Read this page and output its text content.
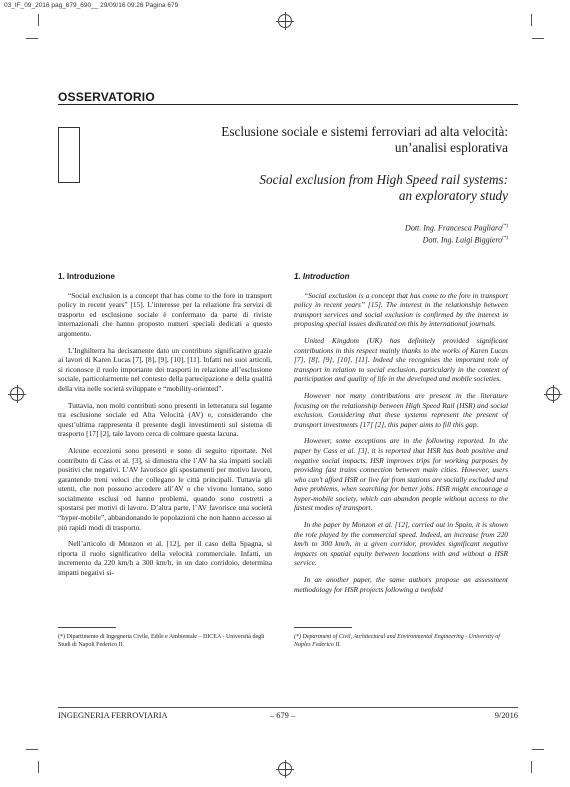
03_IF_09_2016 pag_679_690__ 29/09/16 09:26 Pagina 679
OSSERVATORIO
Esclusione sociale e sistemi ferroviari ad alta velocità:
un’analisi esplorativa
Social exclusion from High Speed rail systems:
an exploratory study
Dott. Ing. Francesca Pagliara(*)
Dott. Ing. Luigi Biggiero(*)
1. Introduzione

“Social exclusion is a concept that has come to the fore in transport policy in recent years” [15]. L’interesse per la relazione fra servizi di trasporto ed esclusione sociale è confermato da parte di riviste internazionali che hanno proposto numeri speciali dedicati a questo argomento.

L’Inghilterra ha decisamente dato un contributo significativo grazie ai lavori di Karen Lucas [7], [8], [9], [10], [11]. Infatti nei suoi articoli, si riconosce il ruolo importante dei trasporti in relazione all’esclusione sociale, particolarmente nel contesto della partecipazione e della qualità della vita nelle società sviluppate e “mobility-oriented”.

Tuttavia, non molti contributi sono presenti in letteratura sul legame tra esclusione sociale ed Alta Velocità (AV) e, considerando che quest’ultima rappresenta il presente degli investimenti sul sistema di trasporto [17] [2], tale lavoro cerca di colmare questa lacuna.

Alcune eccezioni sono presenti e sono di seguito riportate. Nel contributo di Cass et al. [3], si dimostra che l’AV ha sia impatti sociali positivi che negativi. L’AV favorisce gli spostamenti per motivo lavoro, garantendo treni veloci che collegano le città principali. Tuttavia gli utenti, che non possono accedere all’AV o che vivono lontano, sono socialmente esclusi ed hanno problemi, quando sono costretti a spostarsi per motivi di lavoro. D’altra parte, l’AV favorisce una società “hyper-mobile”, abbandonando le popolazioni che non hanno accesso ai più rapidi modi di trasporto.

Nell’articolo di Monzon et al. [12], per il caso della Spagna, si riporta il ruolo significativo della velocità commerciale. Infatti, un incremento da 220 km/h a 300 km/h, in un dato corridoio, determina impatti negativi si-

1. Introduction

“Social exclusion is a concept that has come to the fore in transport policy in recent years” [15]. The interest in the relationship between transport services and social exclusion is confirmed by the interest in proposing special issues dedicated on this by international journals.

United Kingdom (UK) has definitely provided significant contributions in this respect mainly thanks to the works of Karen Lucas [7], [8], [9], [10], [11]. Indeed she recognises the important role of transport in relation to social exclusion, particularly in the context of participation and quality of life in the developed and mobile societies.

However not many contributions are present in the literature focusing on the relationship between High Speed Rail (HSR) and social exclusion. Considering that these systems represent the present of transport investments [17] [2], this paper aims to fill this gap.

However, some exceptions are in the following reported. In the paper by Cass et al. [3], it is reported that HSR has both positive and negative social impacts. HSR improves trips for working purposes by providing fast trains connection between main cities. However, users who can’t afford HSR or live far from stations are socially excluded and have problems, when searching for better jobs. HSR might encourage a hyper-mobile society, which can abandon people without access to the fastest modes of transport.

In the paper by Monzon et al. [12], carried out in Spain, it is shown the role played by the commercial speed. Indeed, an increase from 220 km/h to 300 km/h, in a given corridor, provides significant negative impacts on spatial equity between locations with and without a HSR service.

In an another paper, the same authors propose an assessment methodology for HSR projects following a twofold

(*) Dipartimento di Ingegneria Civile, Edile e Ambientale – DICEA - Università degli Studi di Napoli Federico II.
(*) Department of Civil, Architectural and Environmental Engineering - University of Naples Federico II.
INGEGNERIA FERROVIARIA	– 679 –	9/2016
